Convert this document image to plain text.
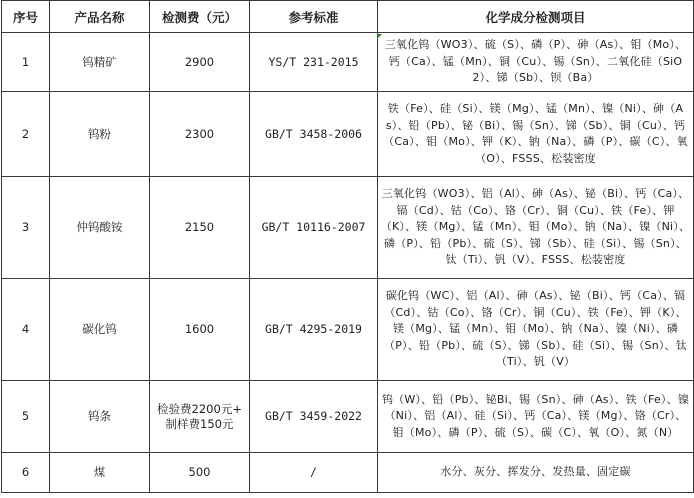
序号	产品名称	检测费（元）	参考标准	化学成分检测项目
1	钨精矿	2900	YS/T 231-2015	三氧化钨（WO3）、硫（S）、磷（P）、砷（As）、钼（Mo）、钙（Ca）、锰（Mn）、铜（Cu）、锡（Sn）、二氧化硅（SiO2）、锑（Sb）、钡（Ba）
2	钨粉	2300	GB/T 3458-2006	铁（Fe）、硅（Si）、镁（Mg）、锰（Mn）、镍（Ni）、砷（As）、铅（Pb）、铋（Bi）、锡（Sn）、锑（Sb）、铜（Cu）、钙（Ca）、钼（Mo）、钾（K）、钠（Na）、磷（P）、碳（C）、氧（O）、FSSS、松装密度
3	仲钨酸铵	2150	GB/T 10116-2007	三氧化钨（WO3）、铝（Al）、砷（As）、铋（Bi）、钙（Ca）、镉（Cd）、钴（Co）、铬（Cr）、铜（Cu）、铁（Fe）、钾（K）、镁（Mg）、锰（Mn）、钼（Mo）、钠（Na）、镍（Ni）、磷（P）、铅（Pb）、硫（S）、锑（Sb）、硅（Si）、锡（Sn）、钛（Ti）、钒（V）、FSSS、松装密度
4	碳化钨	1600	GB/T 4295-2019	碳化钨（WC）、铝（Al）、砷（As）、铋（Bi）、钙（Ca）、镉（Cd）、钴（Co）、铬（Cr）、铜（Cu）、铁（Fe）、钾（K）、镁（Mg）、锰（Mn）、钼（Mo）、钠（Na）、镍（Ni）、磷（P）、铅（Pb）、硫（S）、锑（Sb）、硅（Si）、锡（Sn）、钛（Ti）、钒（V）
5	钨条	检验费2200元+
制样费150元	GB/T 3459-2022	钨（W）、铅（Pb）、铋Bi、锡（Sn）、砷（As）、铁（Fe）、镍（Ni）、铝（Al）、硅（Si）、钙（Ca）、镁（Mg）、铬（Cr）、钼（Mo）、磷（P）、硫（S）、碳（C）、氧（O）、氮（N）
6	煤	500	/	水分、灰分、挥发分、发热量、固定碳
